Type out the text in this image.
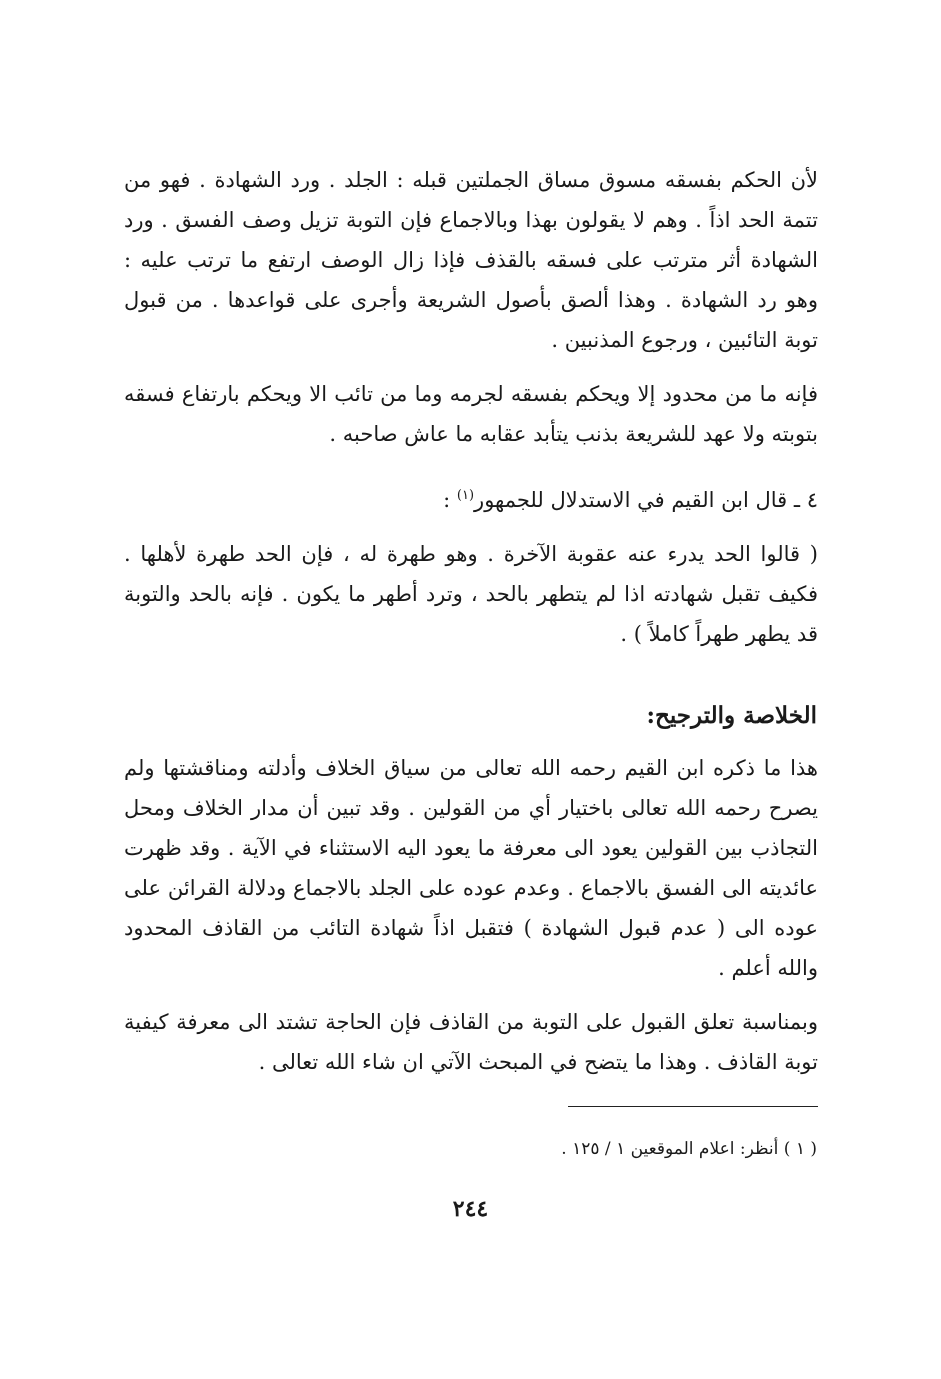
لأن الحكم بفسقه مسوق مساق الجملتين قبله : الجلد . ورد الشهادة . فهو من تتمة الحد اذاً . وهم لا يقولون بهذا وبالاجماع فإن التوبة تزيل وصف الفسق . ورد الشهادة أثر مترتب على فسقه بالقذف فإذا زال الوصف ارتفع ما ترتب عليه : وهو رد الشهادة . وهذا ألصق بأصول الشريعة وأجرى على قواعدها . من قبول توبة التائبين ، ورجوع المذنبين .

فإنه ما من محدود إلا ويحكم بفسقه لجرمه وما من تائب الا ويحكم بارتفاع فسقه بتوبته ولا عهد للشريعة بذنب يتأبد عقابه ما عاش صاحبه .

٤ ـ قال ابن القيم في الاستدلال للجمهور$^{(١)}$ :

( قالوا الحد يدرء عنه عقوبة الآخرة . وهو طهرة له ، فإن الحد طهرة لأهلها . فكيف تقبل شهادته اذا لم يتطهر بالحد ، وترد أطهر ما يكون . فإنه بالحد والتوبة قد يطهر طهراً كاملاً ) .

الخلاصة والترجيح:

هذا ما ذكره ابن القيم رحمه الله تعالى من سياق الخلاف وأدلته ومناقشتها ولم يصرح رحمه الله تعالى باختيار أي من القولين . وقد تبين أن مدار الخلاف ومحل التجاذب بين القولين يعود الى معرفة ما يعود اليه الاستثناء في الآية . وقد ظهرت عائديته الى الفسق بالاجماع . وعدم عوده على الجلد بالاجماع ودلالة القرائن على عوده الى ( عدم قبول الشهادة ) فتقبل اذاً شهادة التائب من القاذف المحدود والله أعلم .

وبمناسبة تعلق القبول على التوبة من القاذف فإن الحاجة تشتد الى معرفة كيفية توبة القاذف . وهذا ما يتضح في المبحث الآتي ان شاء الله تعالى .

( ١ ) أنظر: اعلام الموقعين ١ / ١٢٥ .

٢٤٤
